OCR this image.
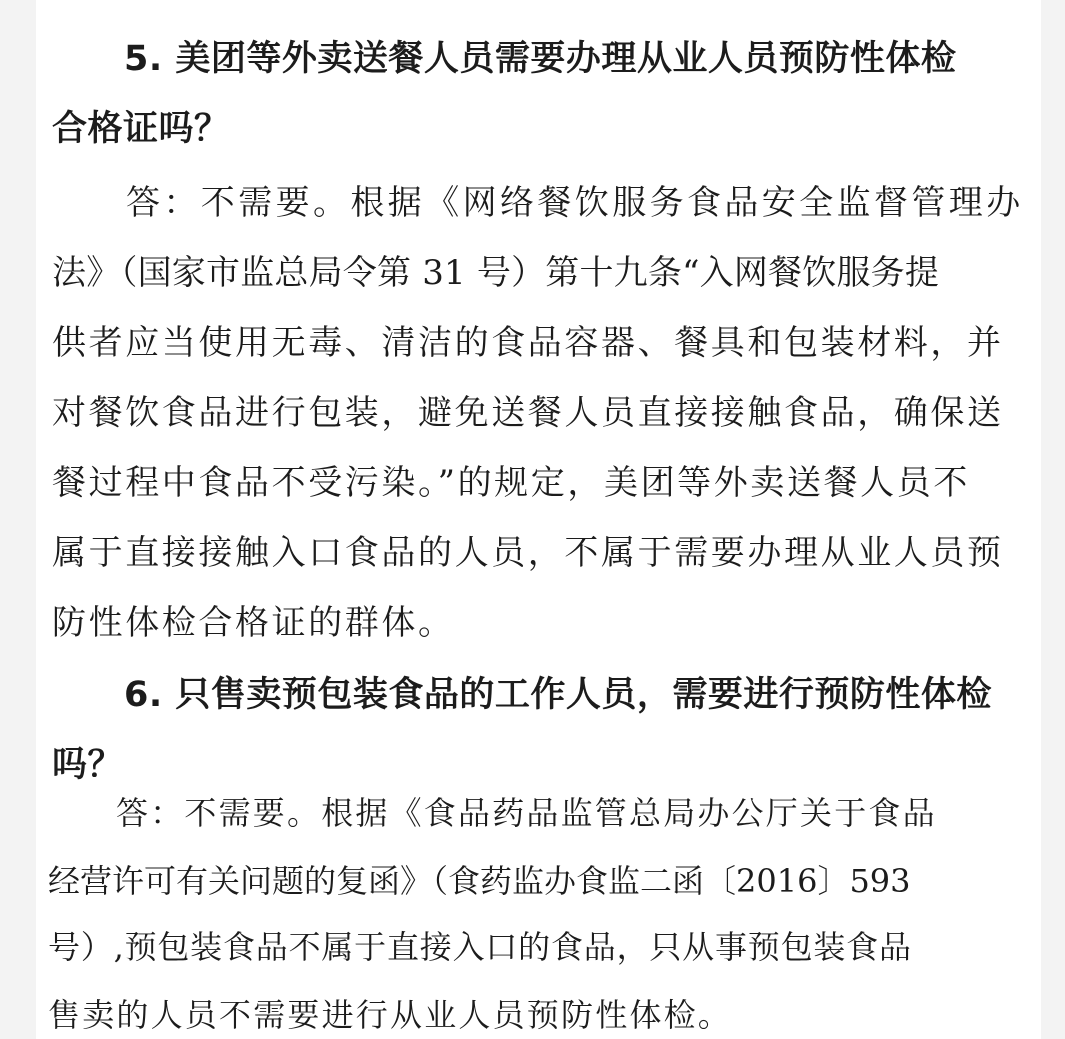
5. 美团等外卖送餐人员需要办理从业人员预防性体检
合格证吗？
答：不需要。根据《网络餐饮服务食品安全监督管理办
法》（国家市监总局令第 31 号）第十九条“入网餐饮服务提
供者应当使用无毒、清洁的食品容器、餐具和包装材料，并
对餐饮食品进行包装，避免送餐人员直接接触食品，确保送
餐过程中食品不受污染。”的规定，美团等外卖送餐人员不
属于直接接触入口食品的人员，不属于需要办理从业人员预
防性体检合格证的群体。
6. 只售卖预包装食品的工作人员，需要进行预防性体检
吗？
答：不需要。根据《食品药品监管总局办公厅关于食品
经营许可有关问题的复函》（食药监办食监二函〔2016〕593
号）,预包装食品不属于直接入口的食品，只从事预包装食品
售卖的人员不需要进行从业人员预防性体检。
